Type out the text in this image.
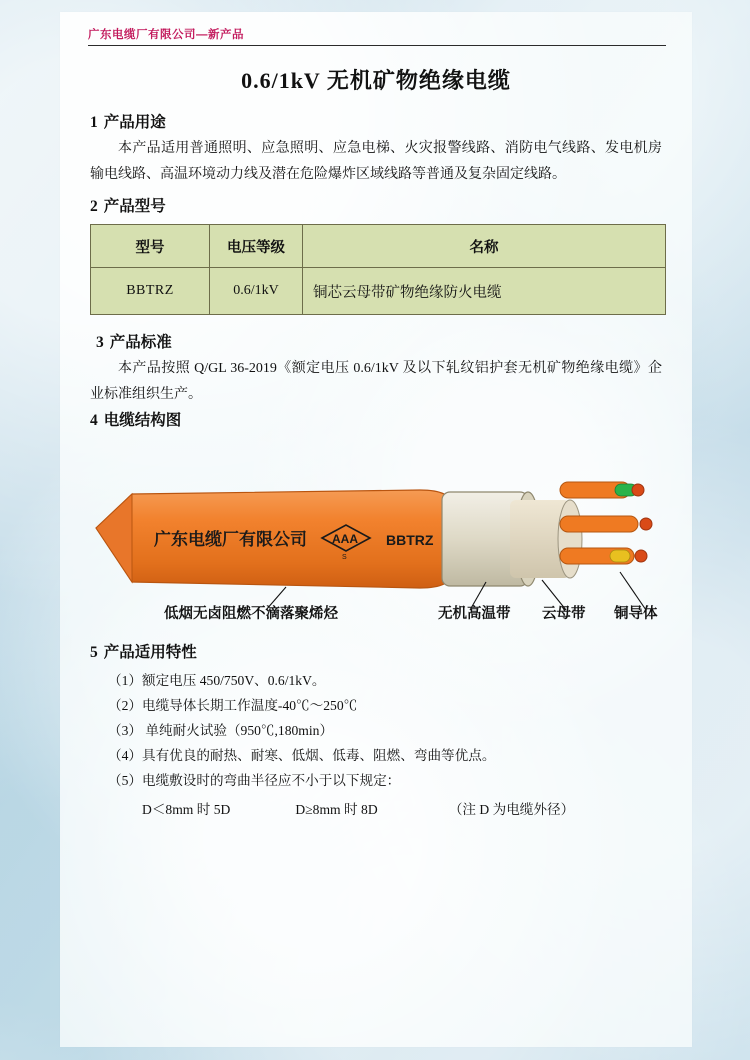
广东电缆厂有限公司—新产品
0.6/1kV 无机矿物绝缘电缆
1 产品用途
本产品适用普通照明、应急照明、应急电梯、火灾报警线路、消防电气线路、发电机房输电线路、高温环境动力线及潜在危险爆炸区域线路等普通及复杂固定线路。
2 产品型号
型号	电压等级	名称
BBTRZ	0.6/1kV	铜芯云母带矿物绝缘防火电缆
3 产品标准
本产品按照 Q/GL 36-2019《额定电压 0.6/1kV 及以下轧纹铝护套无机矿物绝缘电缆》企业标准组织生产。
4 电缆结构图
广东电缆厂有限公司 AAA
S
BBTRZ
低烟无卤阻燃不滴落聚烯烃	无机高温带 云母带 铜导体
5 产品适用特性
（1）额定电压 450/750V、0.6/1kV。
（2）电缆导体长期工作温度-40℃～250℃
（3） 单纯耐火试验（950℃,180min）
（4）具有优良的耐热、耐寒、低烟、低毒、阻燃、弯曲等优点。
（5）电缆敷设时的弯曲半径应不小于以下规定：
D＜8mm 时 5D	D≥8mm 时 8D	（注 D 为电缆外径）
